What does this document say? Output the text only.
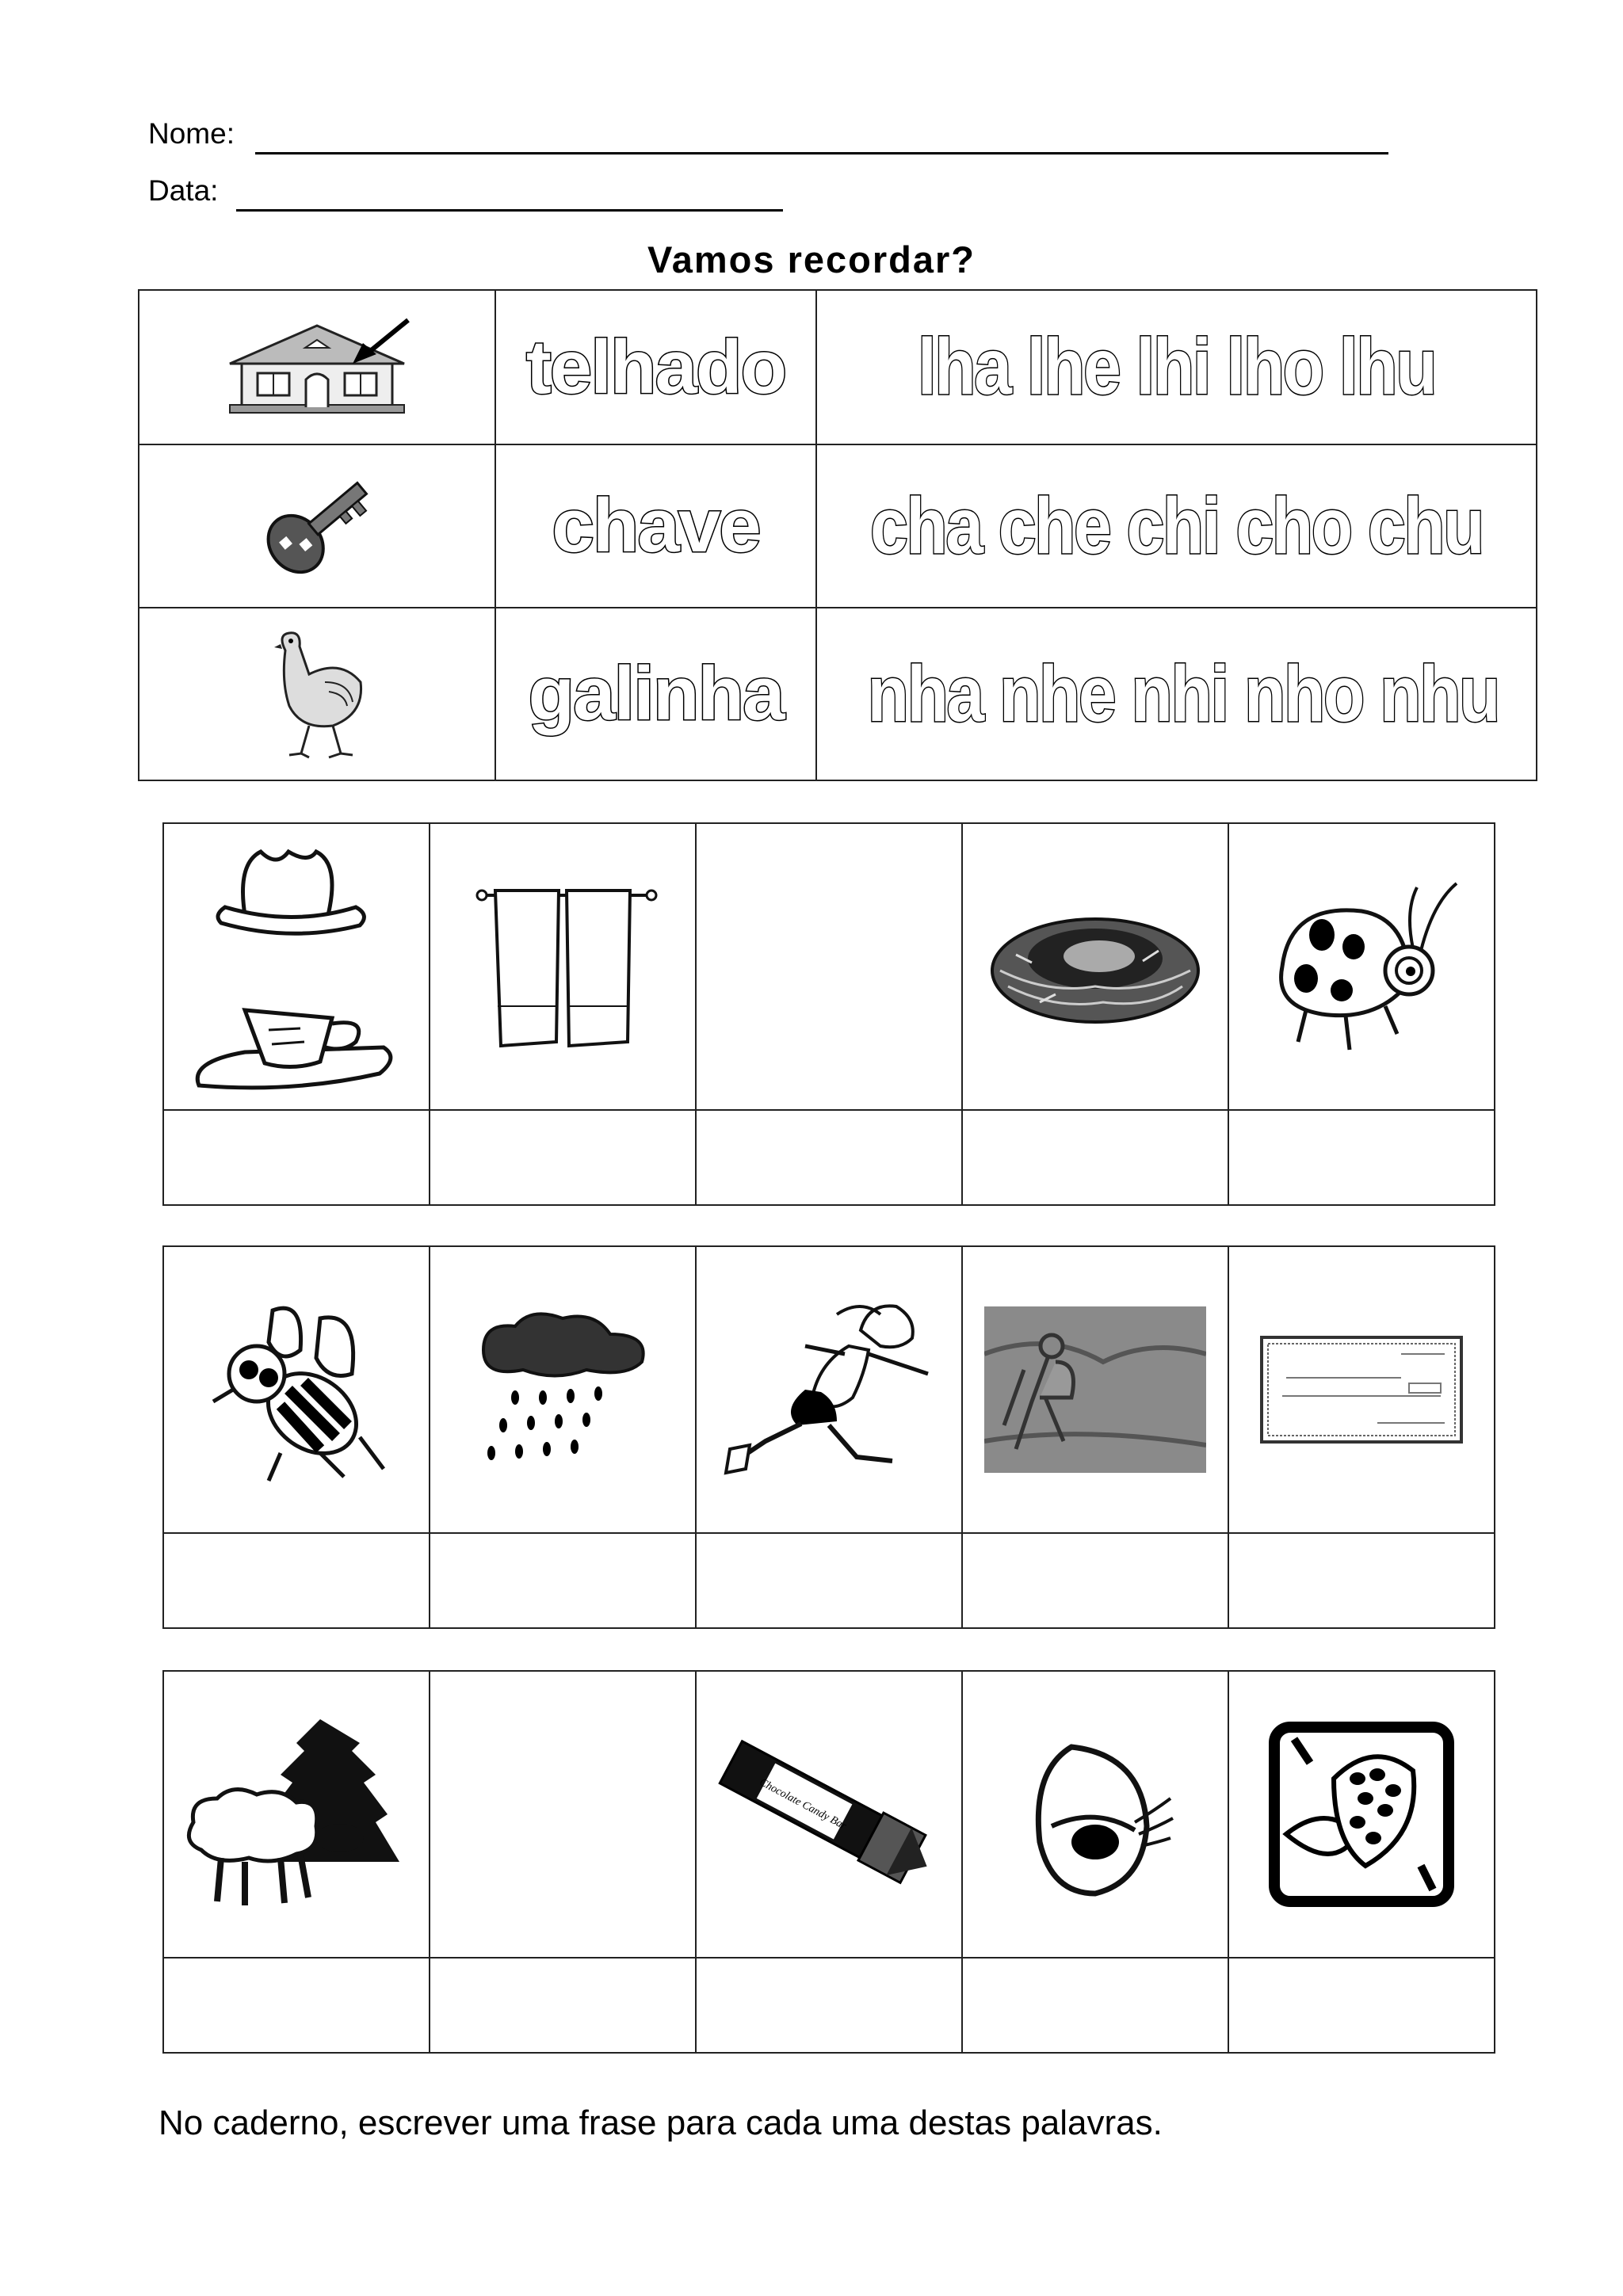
Nome:
Data:
Vamos recordar?

telhado	lha lhe lhi lho lhu

chave	cha che chi cho chu

galinha	nha nhe nhi nho nhu

Chocolate Candy Bar

No caderno, escrever uma frase para cada uma destas palavras.
